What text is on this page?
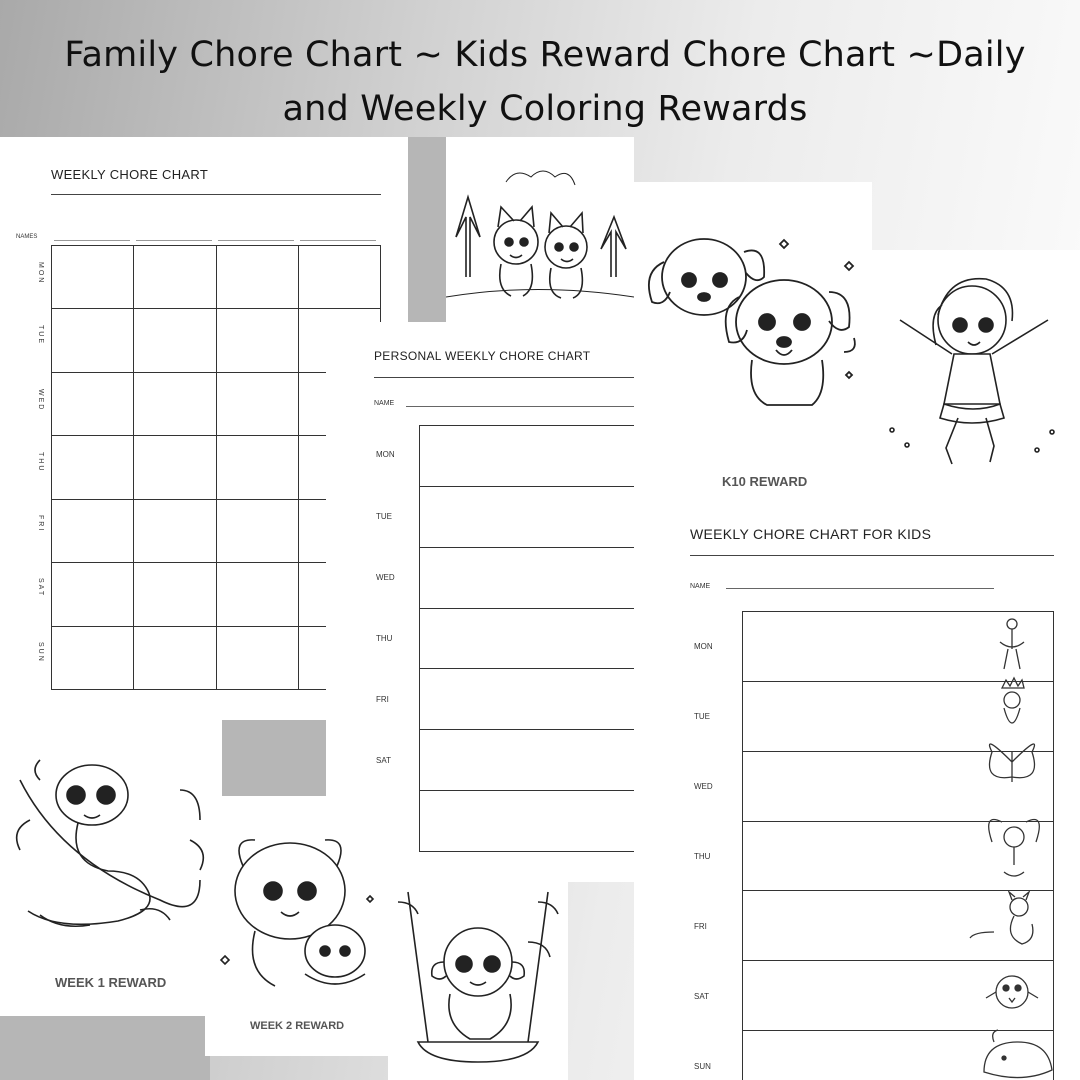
Family Chore Chart ~ Kids Reward Chore Chart ~Daily
and Weekly Coloring Rewards
WEEKLY CHORE CHART
NAMES

MON
TUE
WED
THU
FRI
SAT
SUN
K10 REWARD
PERSONAL WEEKLY CHORE CHART
NAME

MON
TUE
WED
THU
FRI
SAT
WEEK 1 REWARD
WEEK 2 REWARD
WEEKLY CHORE CHART FOR KIDS
NAME

MON
TUE
WED
THU
FRI
SAT
SUN
